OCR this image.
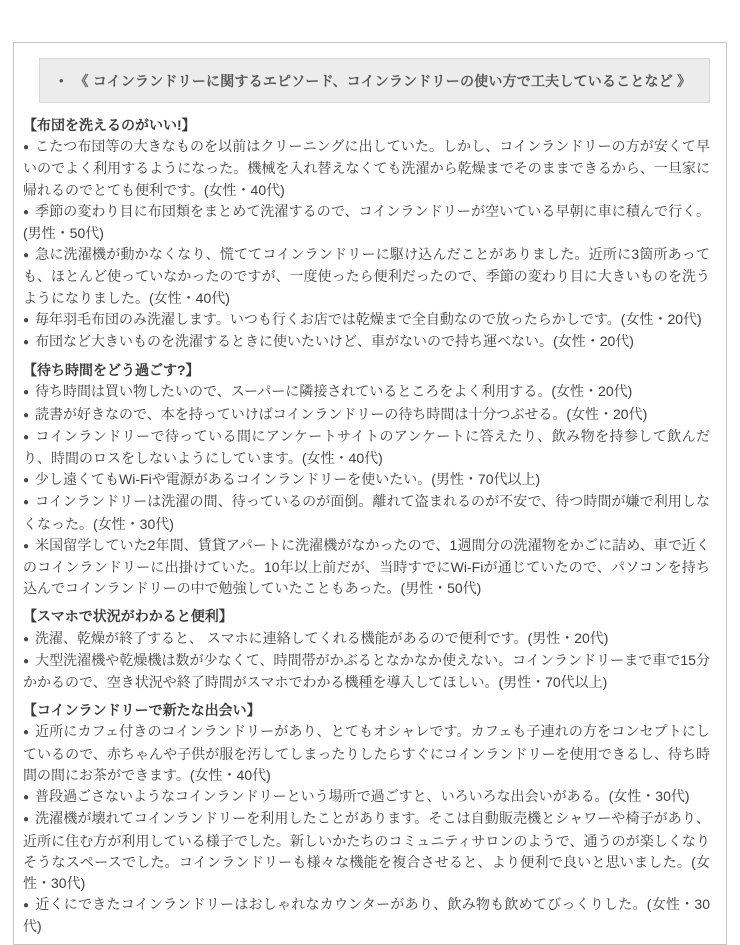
• 《 コインランドリーに関するエピソード、コインランドリーの使い方で工夫していることなど 》
【布団を洗えるのがいい!】

● こたつ布団等の大きなものを以前はクリーニングに出していた。しかし、コインランドリーの方が安くて早いのでよく利用するようになった。機械を入れ替えなくても洗濯から乾燥までそのままできるから、一旦家に帰れるのでとても便利です。(女性・40代)

● 季節の変わり目に布団類をまとめて洗濯するので、コインランドリーが空いている早朝に車に積んで行く。(男性・50代)

● 急に洗濯機が動かなくなり、慌ててコインランドリーに駆け込んだことがありました。近所に3箇所あっても、ほとんど使っていなかったのですが、一度使ったら便利だったので、季節の変わり目に大きいものを洗うようになりました。(女性・40代)

● 毎年羽毛布団のみ洗濯します。いつも行くお店では乾燥まで全自動なので放ったらかしです。(女性・20代)

● 布団など大きいものを洗濯するときに使いたいけど、車がないので持ち運べない。(女性・20代)

【待ち時間をどう過ごす?】

● 待ち時間は買い物したいので、スーパーに隣接されているところをよく利用する。(女性・20代)

● 読書が好きなので、本を持っていけばコインランドリーの待ち時間は十分つぶせる。(女性・20代)

● コインランドリーで待っている間にアンケートサイトのアンケートに答えたり、飲み物を持参して飲んだり、時間のロスをしないようにしています。(女性・40代)

● 少し遠くてもWi-Fiや電源があるコインランドリーを使いたい。(男性・70代以上)

● コインランドリーは洗濯の間、待っているのが面倒。離れて盗まれるのが不安で、待つ時間が嫌で利用しなくなった。(女性・30代)

● 米国留学していた2年間、賃貸アパートに洗濯機がなかったので、1週間分の洗濯物をかごに詰め、車で近くのコインランドリーに出掛けていた。10年以上前だが、当時すでにWi-Fiが通じていたので、パソコンを持ち込んでコインランドリーの中で勉強していたこともあった。(男性・50代)

【スマホで状況がわかると便利】

● 洗濯、乾燥が終了すると、 スマホに連絡してくれる機能があるので便利です。(男性・20代)

● 大型洗濯機や乾燥機は数が少なくて、時間帯がかぶるとなかなか使えない。コインランドリーまで車で15分かかるので、空き状況や終了時間がスマホでわかる機種を導入してほしい。(男性・70代以上)

【コインランドリーで新たな出会い】

● 近所にカフェ付きのコインランドリーがあり、とてもオシャレです。カフェも子連れの方をコンセプトにしているので、赤ちゃんや子供が服を汚してしまったりしたらすぐにコインランドリーを使用できるし、待ち時間の間にお茶ができます。(女性・40代)

● 普段過ごさないようなコインランドリーという場所で過ごすと、いろいろな出会いがある。(女性・30代)

● 洗濯機が壊れてコインランドリーを利用したことがあります。そこは自動販売機とシャワーや椅子があり、近所に住む方が利用している様子でした。新しいかたちのコミュニティサロンのようで、通うのが楽しくなりそうなスペースでした。コインランドリーも様々な機能を複合させると、より便利で良いと思いました。(女性・30代)

● 近くにできたコインランドリーはおしゃれなカウンターがあり、飲み物も飲めてびっくりした。(女性・30代)
